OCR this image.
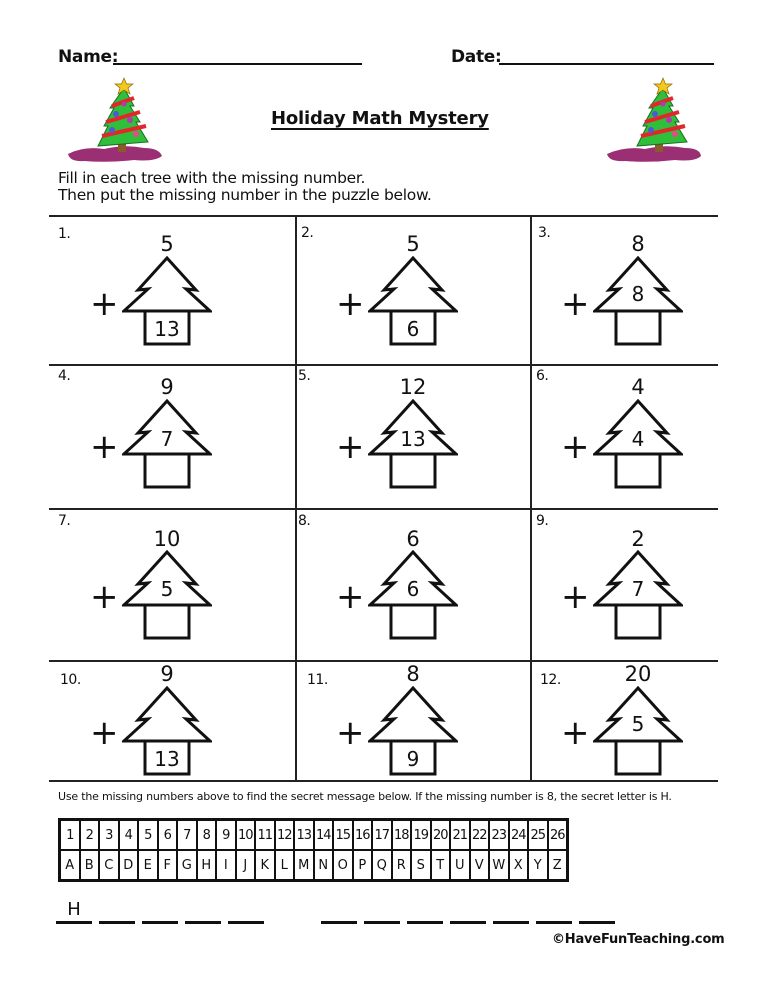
Name:	Date:
Holiday Math Mystery
Fill in each tree with the missing number.
Then put the missing number in the puzzle below.
1.	5
+
13
2.	5
+
6
3.	8
+	8
4.	9
+	7
5.	12
+	13
6.	4
+	4
7.
10
+	5
8.
6
+	6
9.
2
+	7
10.	9
+
13
11.	8
+
9
12.	20
+	5
Use the missing numbers above to find the secret message below. If the missing number is 8, the secret letter is H.
1	2	3	4	5	6	7	8	9	10	11	12	13	14	15	16	17	18	19	20	21	22	23	24	25	26
A	B	C	D	E	F	G	H	I	J	K	L	M	N	O	P	Q	R	S	T	U	V	W	X	Y	Z
H
©HaveFunTeaching.com
